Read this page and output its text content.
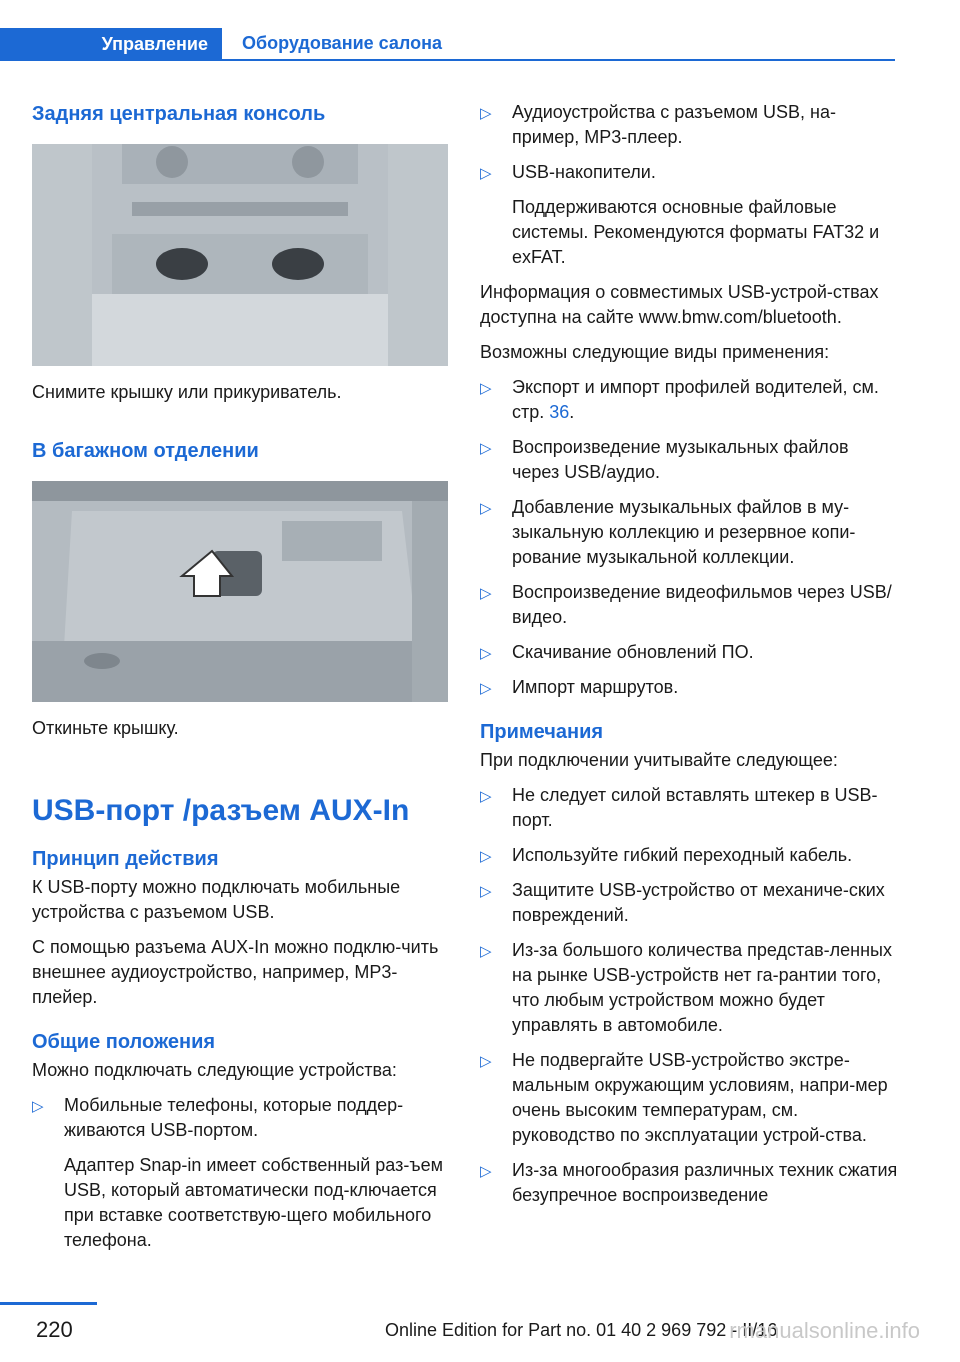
Управление	Оборудование салона
Задняя центральная консоль

Снимите крышку или прикуриватель.

В багажном отделении

Откиньте крышку.

USB-порт /разъем AUX-In
Принцип действия

К USB-порту можно подключать мобильные устройства с разъемом USB.

С помощью разъема AUX-In можно подклю-чить внешнее аудиоустройство, например, MP3-плейер.

Общие положения

Можно подключать следующие устройства:

▷ Мобильные телефоны, которые поддер-живаются USB-портом.

Адаптер Snap-in имеет собственный раз-ъем USB, который автоматически под-ключается при вставке соответствую-щего мобильного телефона.

▷ Аудиоустройства с разъемом USB, на-пример, MP3-плеер.
▷ USB-накопители.

Поддерживаются основные файловые системы. Рекомендуются форматы FAT32 и exFAT.

Информация о совместимых USB-устрой-ствах доступна на сайте www.bmw.com/bluetooth.

Возможны следующие виды применения:

▷ Экспорт и импорт профилей водителей, см. стр. 36.
▷ Воспроизведение музыкальных файлов через USB/аудио.
▷ Добавление музыкальных файлов в му-зыкальную коллекцию и резервное копи-рование музыкальной коллекции.
▷ Воспроизведение видеофильмов через USB/видео.
▷ Скачивание обновлений ПО.
▷ Импорт маршрутов.
Примечания

При подключении учитывайте следующее:

▷ Не следует силой вставлять штекер в USB-порт.
▷ Используйте гибкий переходный кабель.
▷ Защитите USB-устройство от механиче-ских повреждений.
▷ Из-за большого количества представ-ленных на рынке USB-устройств нет га-рантии того, что любым устройством можно будет управлять в автомобиле.
▷ Не подвергайте USB-устройство экстре-мальным окружающим условиям, напри-мер очень высоким температурам, см. руководство по эксплуатации устрой-ства.
▷ Из-за многообразия различных техник сжатия безупречное воспроизведение
220	Online Edition for Part no. 01 40 2 969 792 - II/16
rmanualsonline.info
